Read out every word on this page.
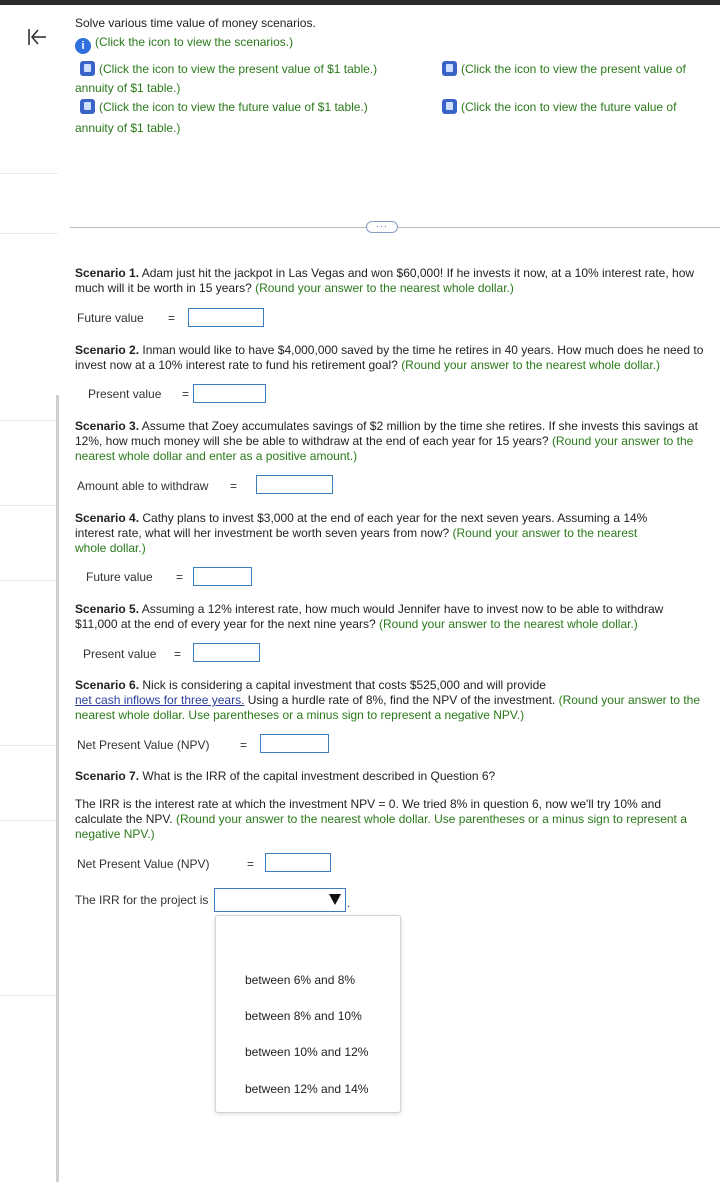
Solve various time value of money scenarios.
i (Click the icon to view the scenarios.)
(Click the icon to view the present value of $1 table.)
annuity of $1 table.)
(Click the icon to view the present value of
(Click the icon to view the future value of $1 table.)
annuity of $1 table.)
(Click the icon to view the future value of
···
Scenario 1. Adam just hit the jackpot in Las Vegas and won $60,000! If he invests it now, at a 10% interest rate, how
much will it be worth in 15 years? (Round your answer to the nearest whole dollar.)
Future value =
Scenario 2. Inman would like to have $4,000,000 saved by the time he retires in 40 years. How much does he need to
invest now at a 10% interest rate to fund his retirement goal? (Round your answer to the nearest whole dollar.)
Present value =
Scenario 3. Assume that Zoey accumulates savings of $2 million by the time she retires. If she invests this savings at
12%, how much money will she be able to withdraw at the end of each year for 15 years? (Round your answer to the
nearest whole dollar and enter as a positive amount.)
Amount able to withdraw =
Scenario 4. Cathy plans to invest $3,000 at the end of each year for the next seven years. Assuming a 14%
interest rate, what will her investment be worth seven years from now? (Round your answer to the nearest
whole dollar.)
Future value =
Scenario 5. Assuming a 12% interest rate, how much would Jennifer have to invest now to be able to withdraw
$11,000 at the end of every year for the next nine years? (Round your answer to the nearest whole dollar.)
Present value =
Scenario 6. Nick is considering a capital investment that costs $525,000 and will provide
net cash inflows for three years. Using a hurdle rate of 8%, find the NPV of the investment. (Round your answer to the
nearest whole dollar. Use parentheses or a minus sign to represent a negative NPV.)
Net Present Value (NPV)	=
Scenario 7. What is the IRR of the capital investment described in Question 6?
The IRR is the interest rate at which the investment NPV = 0. We tried 8% in question 6, now we'll try 10% and
calculate the NPV. (Round your answer to the nearest whole dollar. Use parentheses or a minus sign to represent a
negative NPV.)
Net Present Value (NPV)	=
The IRR for the project is	.
between 6% and 8%
between 8% and 10%
between 10% and 12%
between 12% and 14%
